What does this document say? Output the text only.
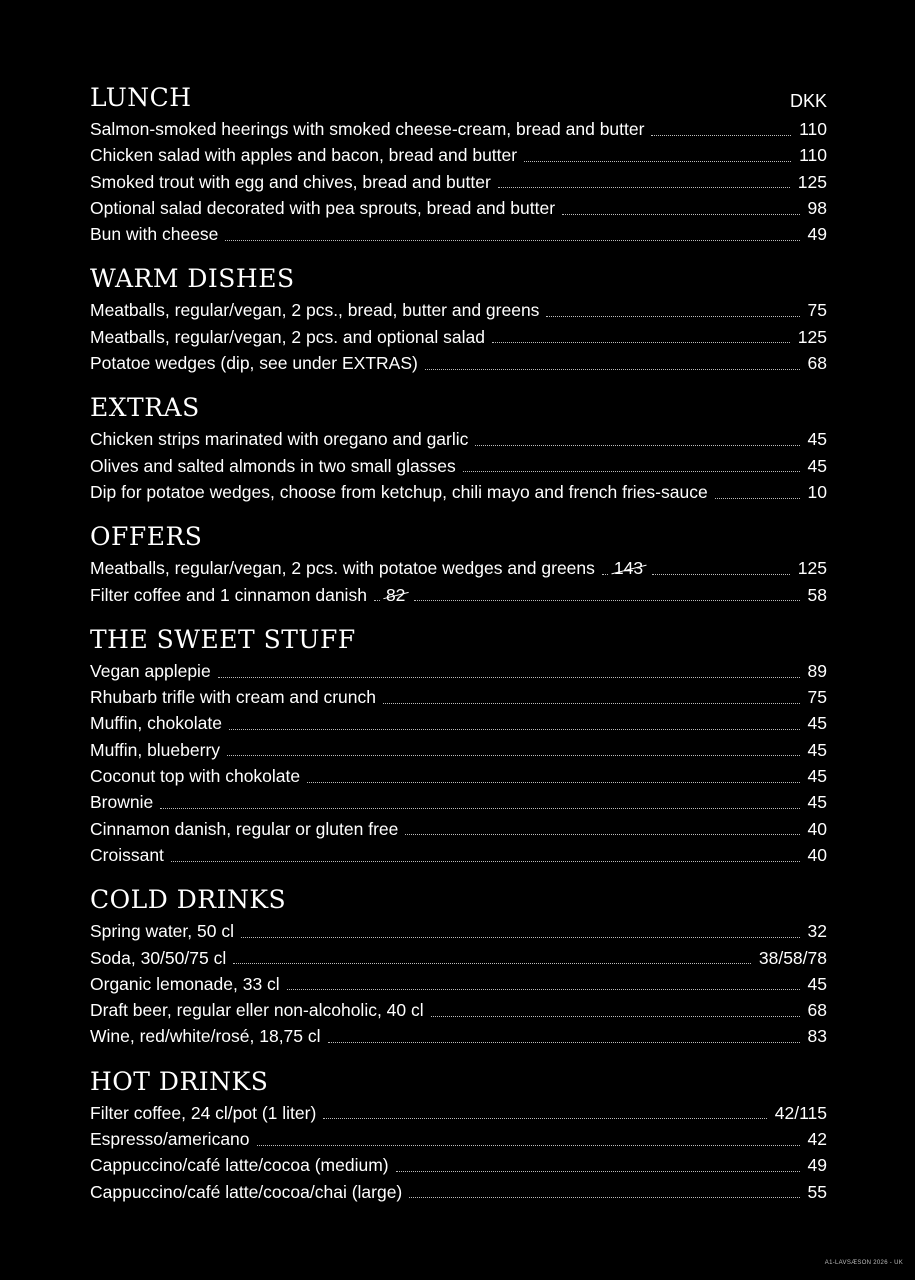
LUNCH	DKK
Salmon-smoked heerings with smoked cheese-cream, bread and butter	110
Chicken salad with apples and bacon, bread and butter	110
Smoked trout with egg and chives, bread and butter	125
Optional salad decorated with pea sprouts, bread and butter	98
Bun with cheese	49
WARM DISHES
Meatballs, regular/vegan, 2 pcs., bread, butter and greens	75
Meatballs, regular/vegan, 2 pcs. and optional salad	125
Potatoe wedges (dip, see under EXTRAS)	68
EXTRAS
Chicken strips marinated with oregano and garlic	45
Olives and salted almonds in two small glasses	45
Dip for potatoe wedges, choose from ketchup, chili mayo and french fries-sauce	10
OFFERS
Meatballs, regular/vegan, 2 pcs. with potatoe wedges and greens 143	125
Filter coffee and 1 cinnamon danish 82	58
THE SWEET STUFF
Vegan applepie	89
Rhubarb trifle with cream and crunch	75
Muffin, chokolate	45
Muffin, blueberry	45
Coconut top with chokolate	45
Brownie	45
Cinnamon danish, regular or gluten free	40
Croissant	40
COLD DRINKS
Spring water, 50 cl	32
Soda, 30/50/75 cl	38/58/78
Organic lemonade, 33 cl	45
Draft beer, regular eller non-alcoholic, 40 cl	68
Wine, red/white/rosé, 18,75 cl	83
HOT DRINKS
Filter coffee, 24 cl/pot (1 liter)	42/115
Espresso/americano	42
Cappuccino/café latte/cocoa (medium)	49
Cappuccino/café latte/cocoa/chai (large)	55
A1-LAVSÆSON 2026 - UK
